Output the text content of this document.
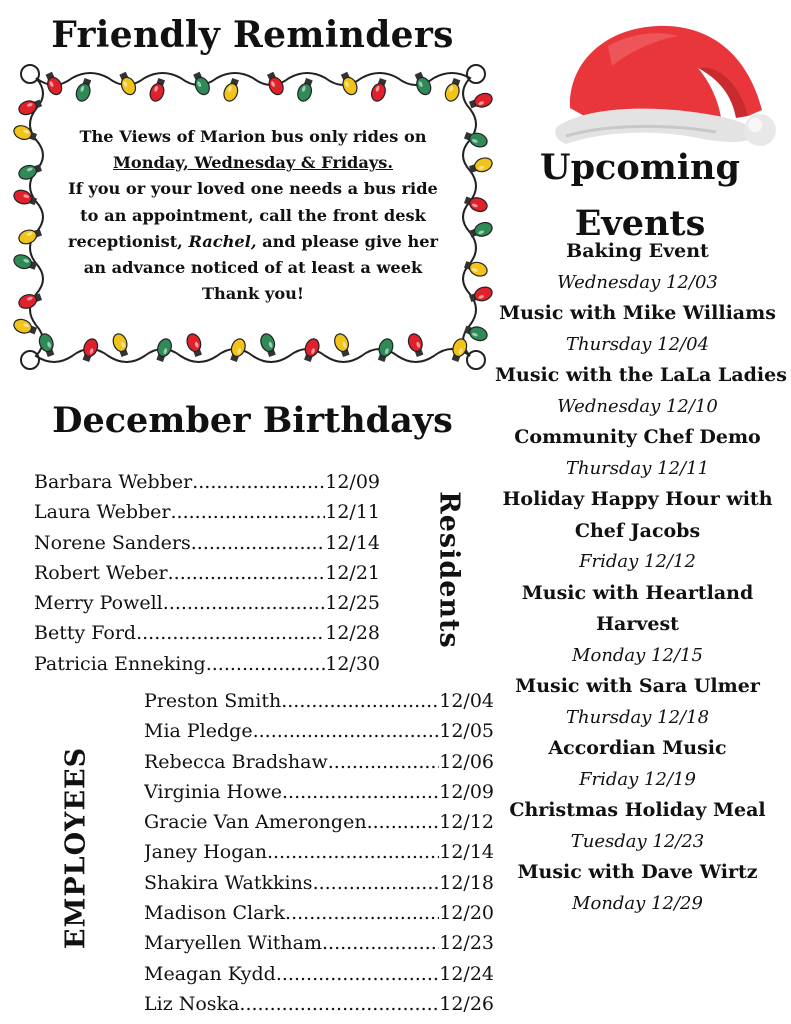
Friendly Reminders
The Views of Marion bus only rides on
Monday, Wednesday & Fridays.
If you or your loved one needs a bus ride
to an appointment, call the front desk
receptionist, Rachel, and please give her
an advance noticed of at least a week
Thank you!
Upcoming
Events
Baking Event
Wednesday 12/03
Music with Mike Williams
Thursday 12/04
Music with the LaLa Ladies
Wednesday 12/10
Community Chef Demo
Thursday 12/11
Holiday Happy Hour with
Chef Jacobs
Friday 12/12
Music with Heartland
Harvest
Monday 12/15
Music with Sara Ulmer
Thursday 12/18
Accordian Music
Friday 12/19
Christmas Holiday Meal
Tuesday 12/23
Music with Dave Wirtz
Monday 12/29
December Birthdays
Barbara Webber .....	12/09
Laura Webber .....	12/11
Norene Sanders .....	12/14
Robert Weber .....	12/21
Merry Powell .....	12/25
Betty Ford .....	12/28
Patricia Enneking .....	12/30
Residents
Preston Smith .....	12/04
Mia Pledge .....	12/05
Rebecca Bradshaw .....	12/06
Virginia Howe .....	12/09
Gracie Van Amerongen .....	12/12
Janey Hogan .....	12/14
Shakira Watkkins .....	12/18
Madison Clark .....	12/20
Maryellen Witham .....	12/23
Meagan Kydd .....	12/24
Liz Noska .....	12/26
EMPLOYEES
